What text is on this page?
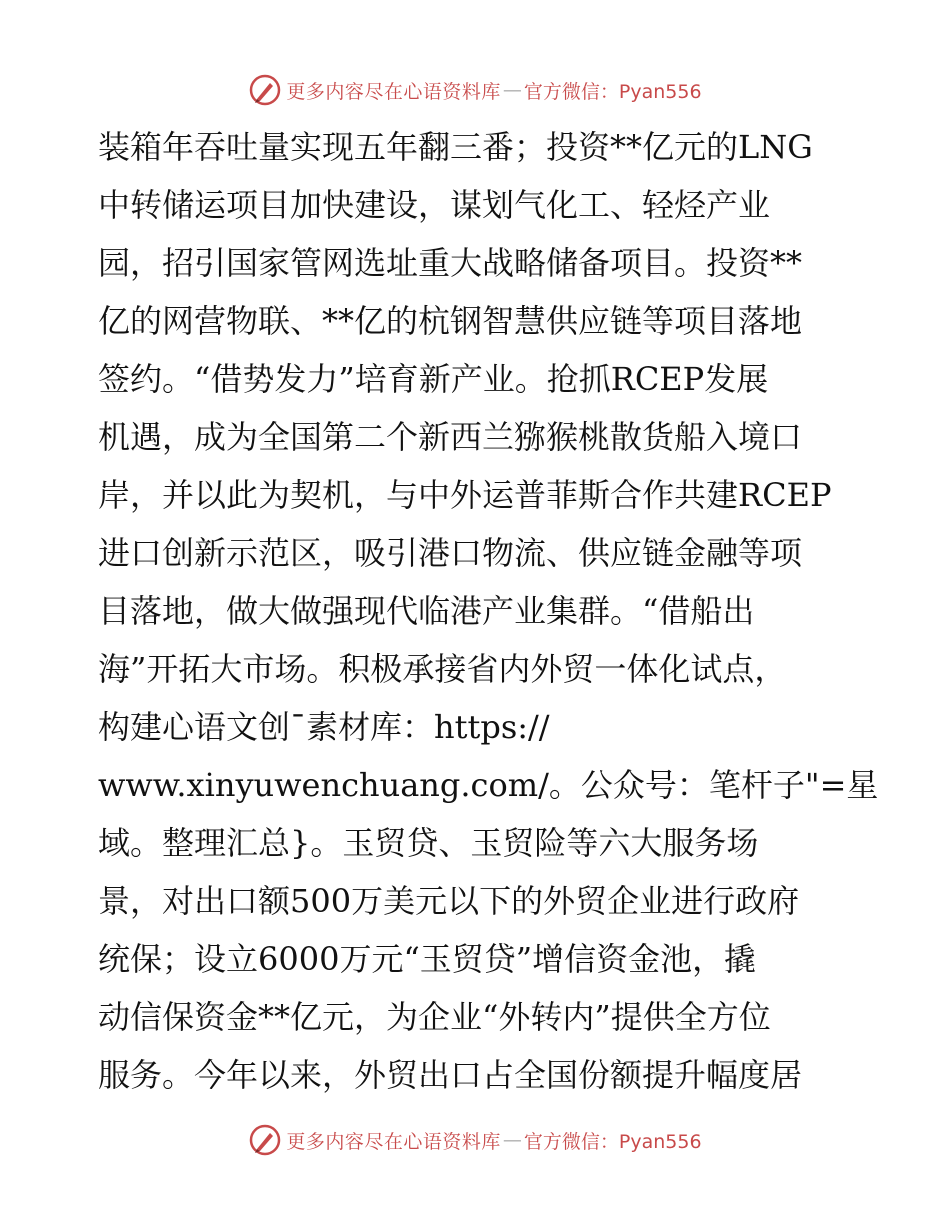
更多内容尽在心语资料库 — 官方微信：Pyan556
装箱年吞吐量实现五年翻三番；投资**亿元的LNG
中转储运项目加快建设，谋划气化工、轻烃产业
园，招引国家管网选址重大战略储备项目。投资**
亿的网营物联、**亿的杭钢智慧供应链等项目落地
签约。“借势发力”培育新产业。抢抓RCEP发展
机遇，成为全国第二个新西兰猕猴桃散货船入境口
岸，并以此为契机，与中外运普菲斯合作共建RCEP
进口创新示范区，吸引港口物流、供应链金融等项
目落地，做大做强现代临港产业集群。“借船出
海”开拓大市场。积极承接省内外贸一体化试点，
构建心语文创¯素材库：https://
www.xinyuwenchuang.com/。公众号：笔杆子"=星
域。整理汇总}。玉贸贷、玉贸险等六大服务场
景，对出口额500万美元以下的外贸企业进行政府
统保；设立6000万元“玉贸贷”增信资金池，撬
动信保资金**亿元，为企业“外转内”提供全方位
服务。今年以来，外贸出口占全国份额提升幅度居
更多内容尽在心语资料库 — 官方微信：Pyan556
